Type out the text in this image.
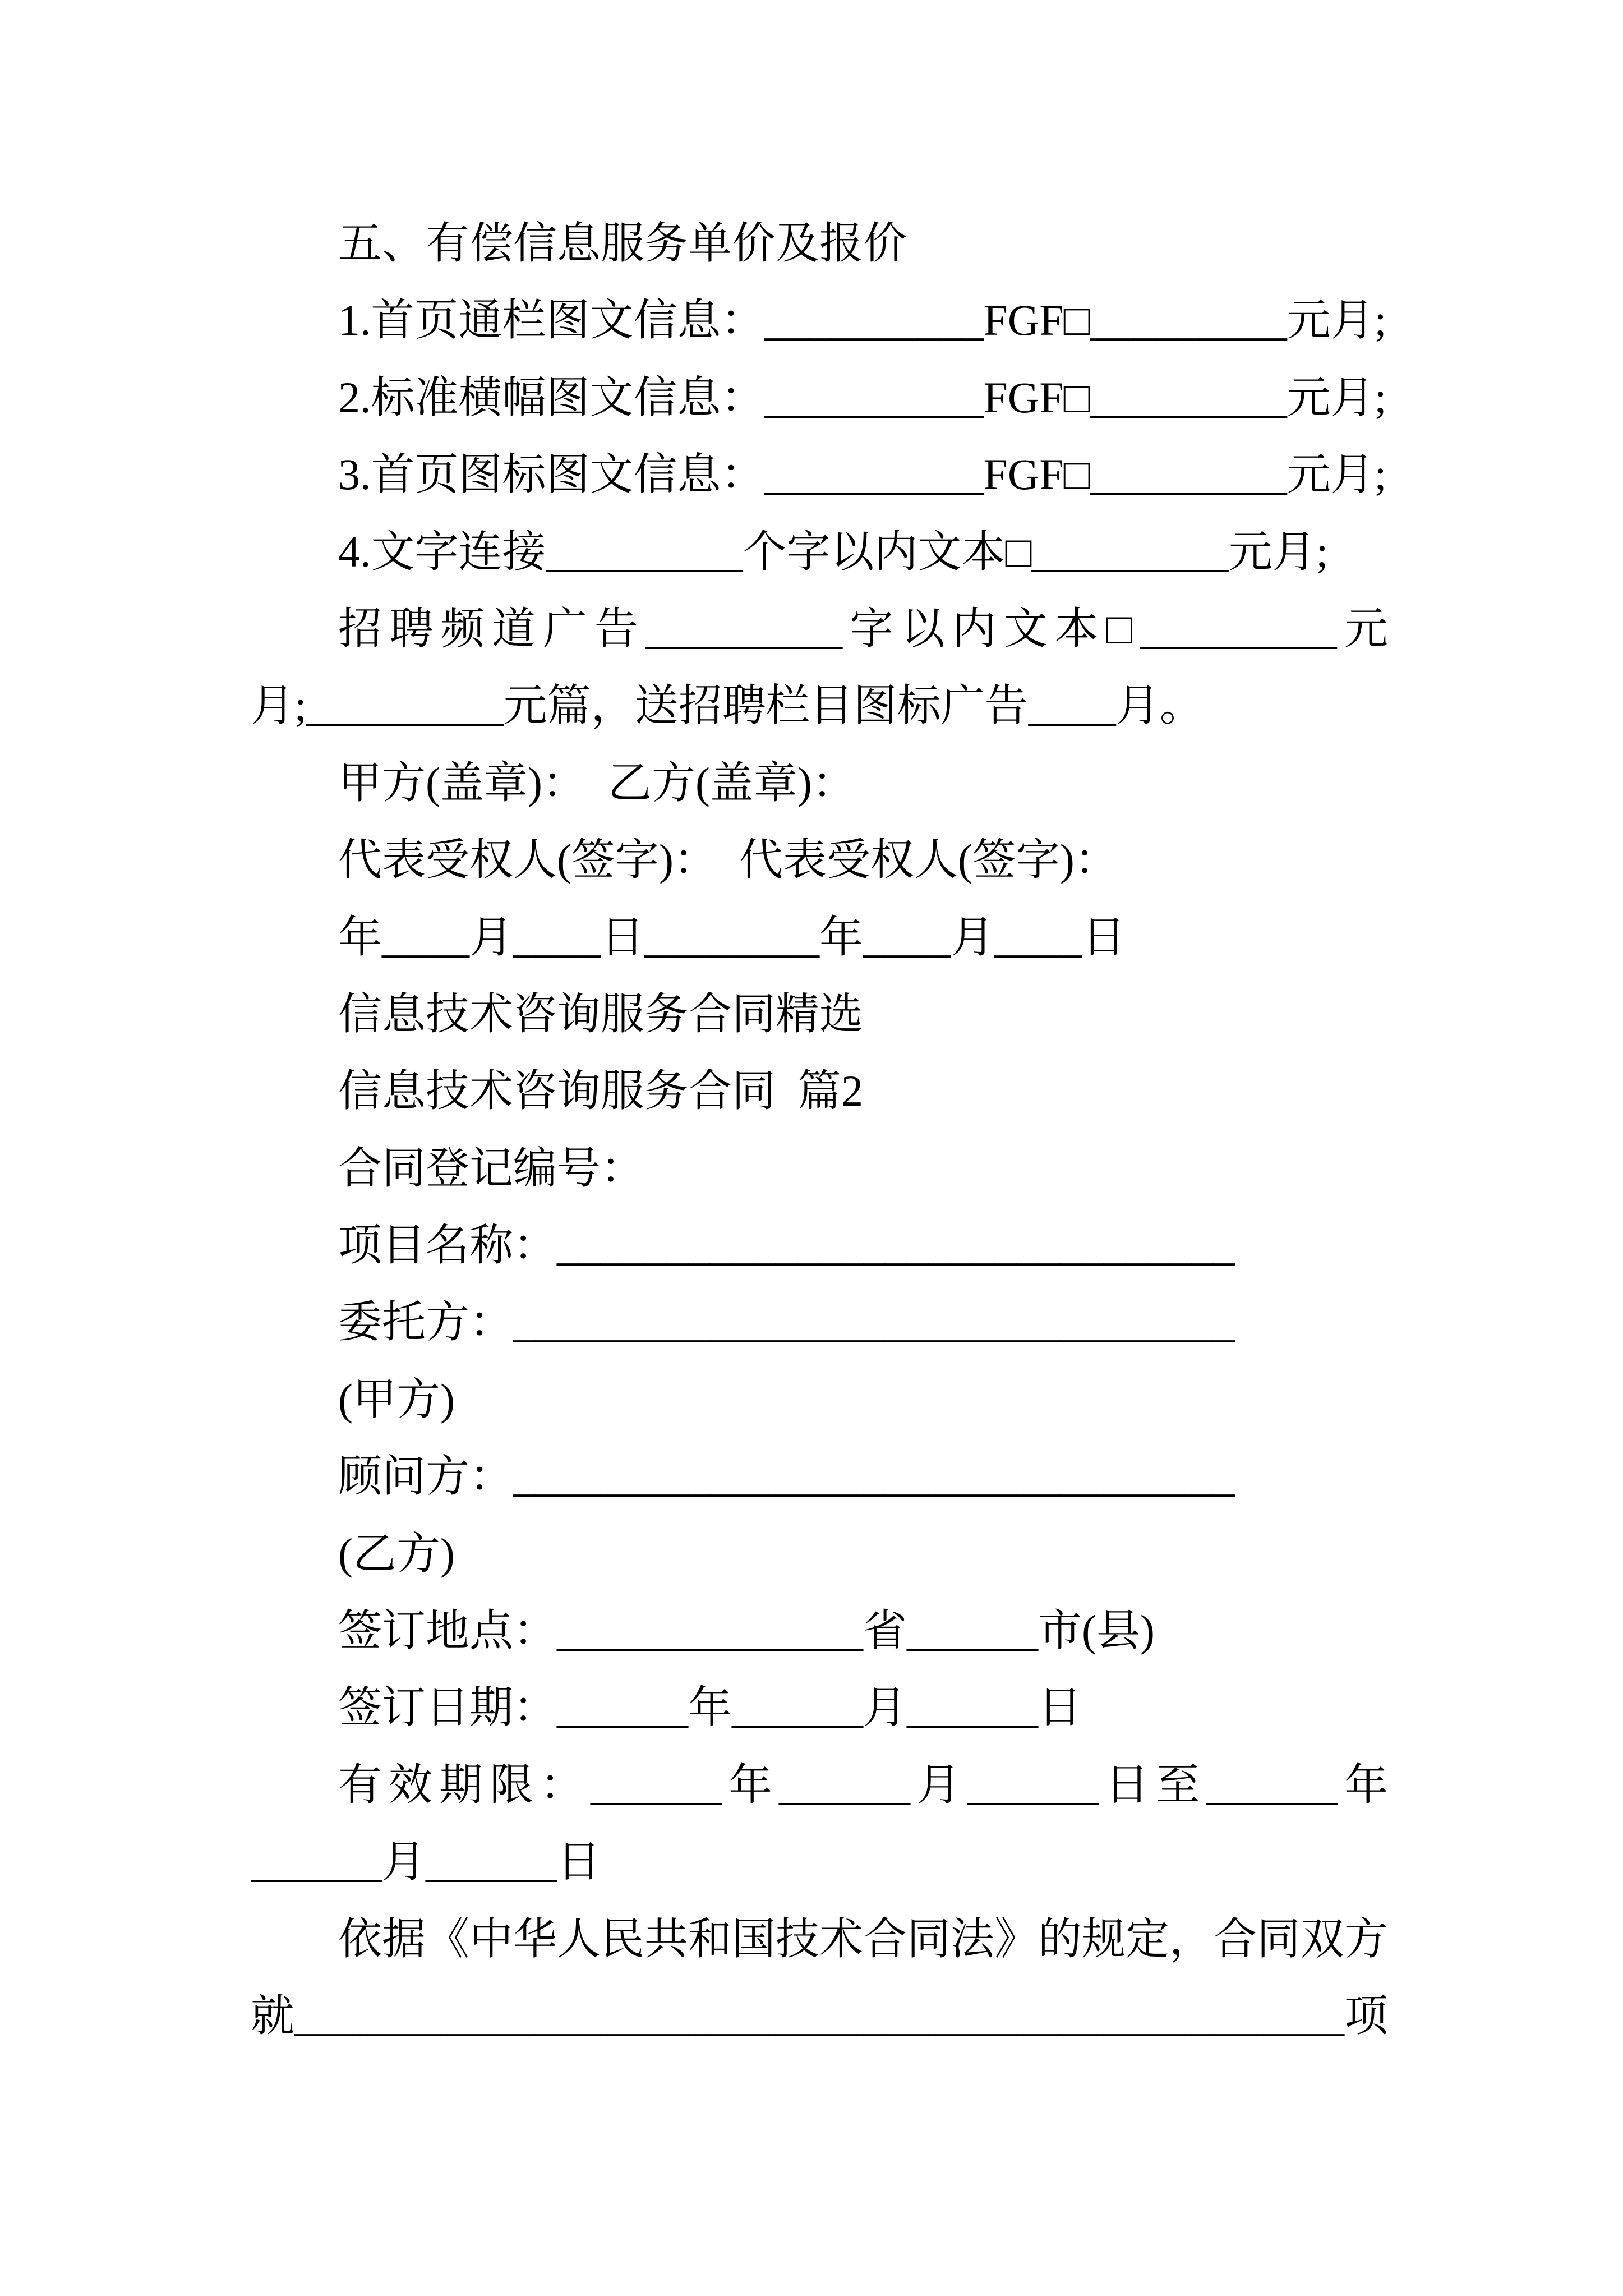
五、有偿信息服务单价及报价
1.首页通栏图文信息：__________FGF□_________元月;
2.标准横幅图文信息：__________FGF□_________元月;
3.首页图标图文信息：__________FGF□_________元月;
4.文字连接_________个字以内文本□_________元月;
招聘频道广告_________字以内文本□_________元
月;_________元篇，送招聘栏目图标广告____月。
甲方(盖章)： 乙方(盖章)：
代表受权人(签字)： 代表受权人(签字)：
年____月____日________年____月____日
信息技术咨询服务合同精选
信息技术咨询服务合同 篇2
合同登记编号：
项目名称：_______________________________
委托方：_________________________________
(甲方)
顾问方：_________________________________
(乙方)
签订地点：______________省______市(县)
签订日期：______年______月______日
有效期限：______年______月______日至______年
______月______日
依据《中华人民共和国技术合同法》的规定，合同双方
就________________________________________________项
